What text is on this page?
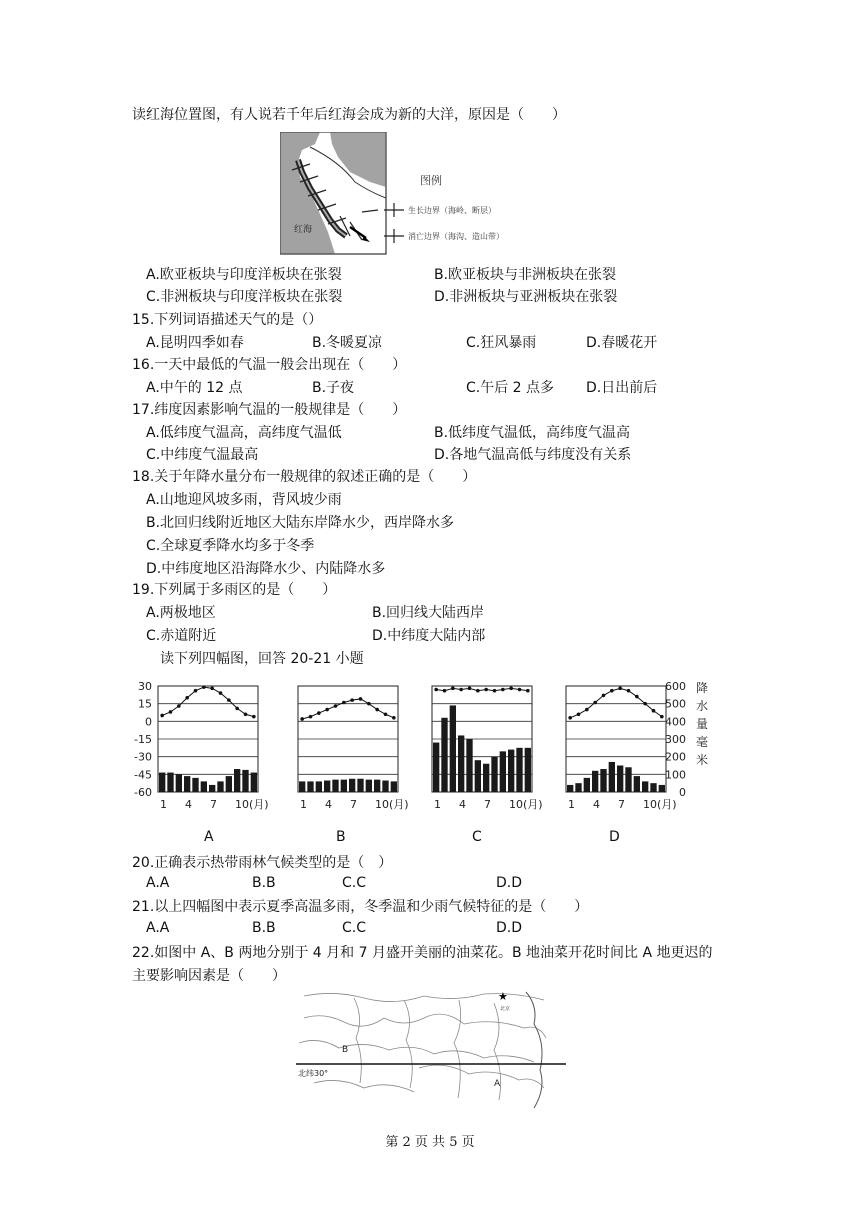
读红海位置图，有人说若千年后红海会成为新的大洋，原因是（　　）
红海
图例
生长边界（海岭、断层）
消亡边界（海沟、造山带）
A.欧亚板块与印度洋板块在张裂	B.欧亚板块与非洲板块在张裂
C.非洲板块与印度洋板块在张裂	D.非洲板块与亚洲板块在张裂
15.下列词语描述天气的是（）
A.昆明四季如春	B.冬暖夏凉	C.狂风暴雨	D.春暖花开
16.一天中最低的气温一般会出现在（　　）
A.中午的 12 点	B.子夜	C.午后 2 点多 D.日出前后
17.纬度因素影响气温的一般规律是（　　）
A.低纬度气温高，高纬度气温低	B.低纬度气温低，高纬度气温高
C.中纬度气温最高	D.各地气温高低与纬度没有关系
18.关于年降水量分布一般规律的叙述正确的是（　　）
A.山地迎风坡多雨，背风坡少雨
B.北回归线附近地区大陆东岸降水少，西岸降水多
C.全球夏季降水均多于冬季
D.中纬度地区沿海降水少、内陆降水多
19.下列属于多雨区的是（　　）
A.两极地区	B.回归线大陆西岸
C.赤道附近	D.中纬度大陆内部
读下列四幅图，回答 20-21 小题
30
15
0
-15
-30
-45
-60
600
500
400
300
200
100
0
降
水
量
毫
米
1 4 7 10(月)	1 4 7 10(月) 1 4 7 10(月) 1 4 7 10(月)
A	B	C	D
20.正确表示热带雨林气候类型的是（　）
A.A	B.B	C.C	D.D
21.以上四幅图中表示夏季高温多雨，冬季温和少雨气候特征的是（　　）
A.A	B.B	C.C	D.D
22.如图中 A、B 两地分别于 4 月和 7 月盛开美丽的油菜花。B 地油菜开花时间比 A 地更迟的
主要影响因素是（　　）
北纬30°
B
A
★
北京
第 2 页 共 5 页
